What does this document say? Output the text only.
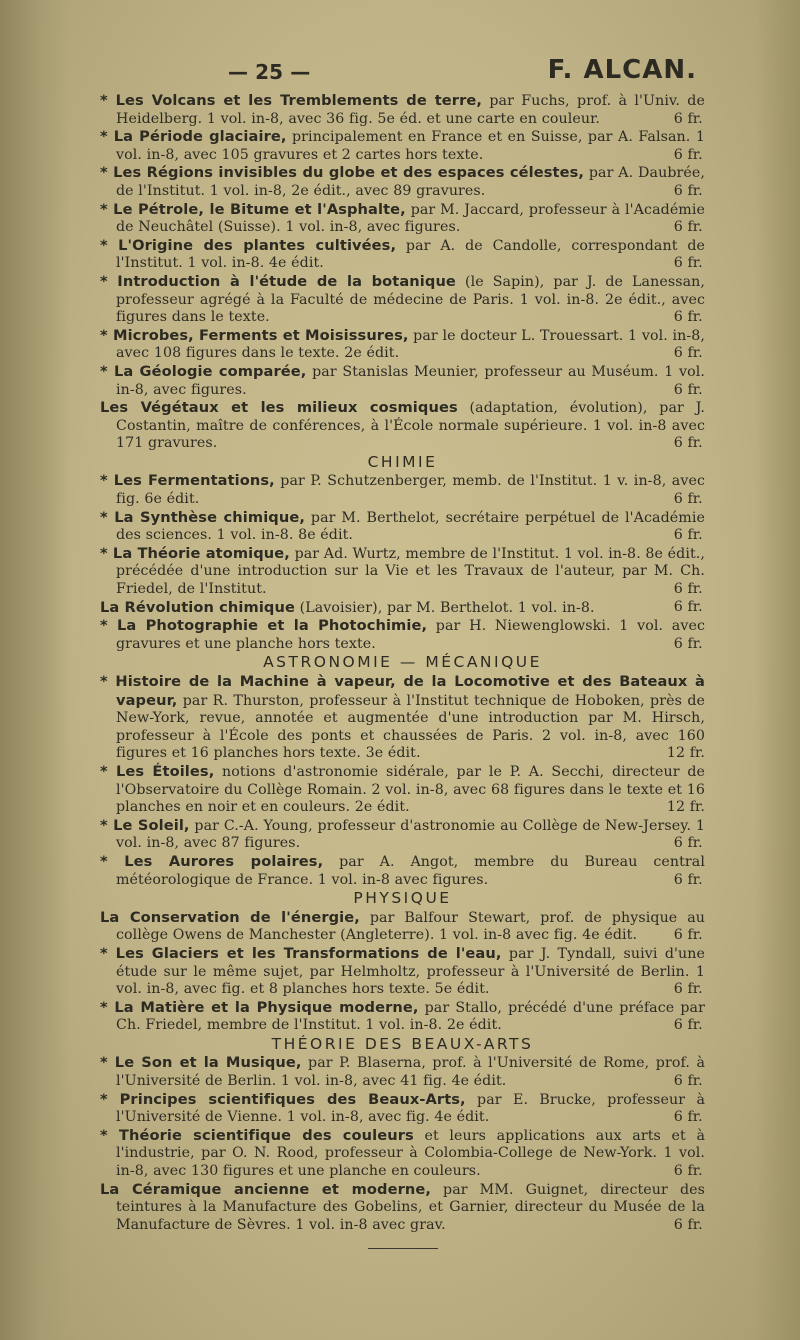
— 25 —	F. ALCAN.

* Les Volcans et les Tremblements de terre, par Fuchs, prof. à l'Univ. de Heidelberg. 1 vol. in-8, avec 36 fig. 5e éd. et une carte en couleur.	6 fr.

* La Période glaciaire, principalement en France et en Suisse, par A. Falsan. 1 vol. in-8, avec 105 gravures et 2 cartes hors texte.	6 fr.

* Les Régions invisibles du globe et des espaces célestes, par A. Daubrée, de l'Institut. 1 vol. in-8, 2e édit., avec 89 gravures.	6 fr.

* Le Pétrole, le Bitume et l'Asphalte, par M. Jaccard, professeur à l'Académie de Neuchâtel (Suisse). 1 vol. in-8, avec figures.	6 fr.

* L'Origine des plantes cultivées, par A. de Candolle, correspondant de l'Institut. 1 vol. in-8. 4e édit.	6 fr.

* Introduction à l'étude de la botanique (le Sapin), par J. de Lanessan, professeur agrégé à la Faculté de médecine de Paris. 1 vol. in-8. 2e édit., avec figures dans le texte.	6 fr.

* Microbes, Ferments et Moisissures, par le docteur L. Trouessart. 1 vol. in-8, avec 108 figures dans le texte. 2e édit.	6 fr.

* La Géologie comparée, par Stanislas Meunier, professeur au Muséum. 1 vol. in-8, avec figures.	6 fr.

Les Végétaux et les milieux cosmiques (adaptation, évolution), par J. Costantin, maître de conférences, à l'École normale supérieure. 1 vol. in-8 avec 171 gravures.	6 fr.

CHIMIE

* Les Fermentations, par P. Schutzenberger, memb. de l'Institut. 1 v. in-8, avec fig. 6e édit.	6 fr.

* La Synthèse chimique, par M. Berthelot, secrétaire perpétuel de l'Académie des sciences. 1 vol. in-8. 8e édit.	6 fr.

* La Théorie atomique, par Ad. Wurtz, membre de l'Institut. 1 vol. in-8. 8e édit., précédée d'une introduction sur la Vie et les Travaux de l'auteur, par M. Ch. Friedel, de l'Institut.	6 fr.

La Révolution chimique (Lavoisier), par M. Berthelot. 1 vol. in-8.	6 fr.

* La Photographie et la Photochimie, par H. Niewenglowski. 1 vol. avec gravures et une planche hors texte.	6 fr.

ASTRONOMIE — MÉCANIQUE

* Histoire de la Machine à vapeur, de la Locomotive et des Bateaux à vapeur, par R. Thurston, professeur à l'Institut technique de Hoboken, près de New-York, revue, annotée et augmentée d'une introduction par M. Hirsch, professeur à l'École des ponts et chaussées de Paris. 2 vol. in-8, avec 160 figures et 16 planches hors texte. 3e édit.	12 fr.

* Les Étoiles, notions d'astronomie sidérale, par le P. A. Secchi, directeur de l'Observatoire du Collège Romain. 2 vol. in-8, avec 68 figures dans le texte et 16 planches en noir et en couleurs. 2e édit.	12 fr.

* Le Soleil, par C.-A. Young, professeur d'astronomie au Collège de New-Jersey. 1 vol. in-8, avec 87 figures.	6 fr.

* Les Aurores polaires, par A. Angot, membre du Bureau central météorologique de France. 1 vol. in-8 avec figures.	6 fr.

PHYSIQUE

La Conservation de l'énergie, par Balfour Stewart, prof. de physique au collège Owens de Manchester (Angleterre). 1 vol. in-8 avec fig. 4e édit.	6 fr.

* Les Glaciers et les Transformations de l'eau, par J. Tyndall, suivi d'une étude sur le même sujet, par Helmholtz, professeur à l'Université de Berlin. 1 vol. in-8, avec fig. et 8 planches hors texte. 5e édit.	6 fr.

* La Matière et la Physique moderne, par Stallo, précédé d'une préface par Ch. Friedel, membre de l'Institut. 1 vol. in-8. 2e édit.	6 fr.

THÉORIE DES BEAUX-ARTS

* Le Son et la Musique, par P. Blaserna, prof. à l'Université de Rome, prof. à l'Université de Berlin. 1 vol. in-8, avec 41 fig. 4e édit.	6 fr.

* Principes scientifiques des Beaux-Arts, par E. Brucke, professeur à l'Université de Vienne. 1 vol. in-8, avec fig. 4e édit.	6 fr.

* Théorie scientifique des couleurs et leurs applications aux arts et à l'industrie, par O. N. Rood, professeur à Colombia-College de New-York. 1 vol. in-8, avec 130 figures et une planche en couleurs.	6 fr.

La Céramique ancienne et moderne, par MM. Guignet, directeur des teintures à la Manufacture des Gobelins, et Garnier, directeur du Musée de la Manufacture de Sèvres. 1 vol. in-8 avec grav.	6 fr.
